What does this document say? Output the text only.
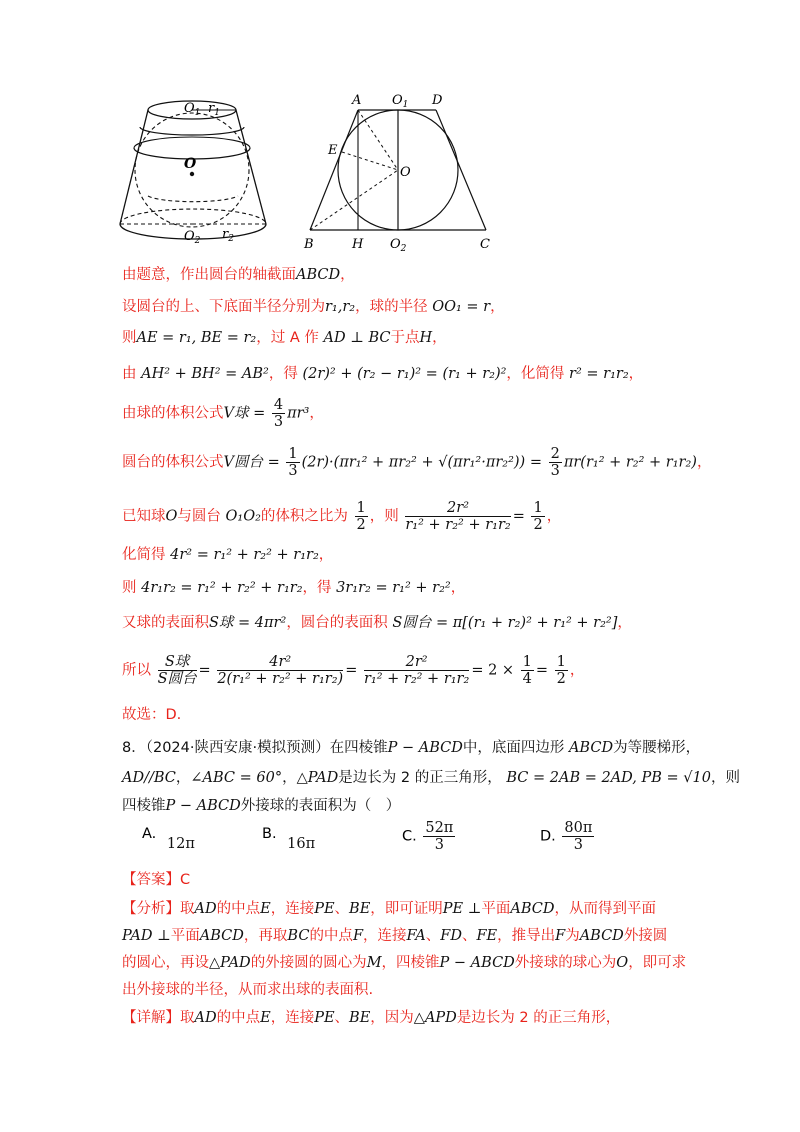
$O_1$ $r_1$
O
$O_2$ $r_2$
A $O_1$ D
E
O
B	H $O_2$	C
由题意，作出圆台的轴截面ABCD，
设圆台的上、下底面半径分别为r₁,r₂，球的半径 OO₁ = r，
则AE = r₁, BE = r₂，过 A 作 AD ⊥ BC于点H，
由 AH² + BH² = AB²，得 (2r)² + (r₂ − r₁)² = (r₁ + r₂)²，化简得 r² = r₁r₂，
由球的体积公式V球 = $\frac{4}{3} \pi r^3$，
圆台的体积公式V圆台 = $\frac{1}{3} (2r)\cdot(\pi r_1^2 + \pi r_2^2 + √(\pi r_1^2\cdot\pi r_2^2)) = \frac{2}{3} \pi r(r_1^2 + r_2^2 + r_1r_2)$，
已知球O与圆台 O₁O₂的体积之比为 $\frac{1}{2}$ ，则 $\frac{\text{2r²}}{\text{r₁² + r₂² + r₁r₂}} = \frac{1}{2}$ ，
化简得 4r² = r₁² + r₂² + r₁r₂，
则 4r₁r₂ = r₁² + r₂² + r₁r₂，得 3r₁r₂ = r₁² + r₂²，
又球的表面积S球 = 4πr²，圆台的表面积 S圆台 = π[(r₁ + r₂)² + r₁² + r₂²]，
所以
S球
S圆台
= $\frac{\text{4r²}}{\text{2(r₁² + r₂² + r₁r₂)}} = \frac{\text{2r²}}{\text{r₁² + r₂² + r₁r₂}} = 2 \times \frac{1}{4} = \frac{1}{2}$ ，
故选：D.
8．（2024·陕西安康·模拟预测）在四棱锥P − ABCD中，底面四边形 ABCD为等腰梯形，
AD//BC，∠ABC = 60°，△PAD是边长为 2 的正三角形， BC = 2AB = 2AD, PB = √10，则
四棱锥P − ABCD外接球的表面积为（　）
A. 12π
B. 16π	C. $\frac{52\pi}{3}$	D. $\frac{80\pi}{3}$
【答案】C
【分析】取AD的中点E，连接PE、BE，即可证明PE ⊥平面ABCD，从而得到平面
PAD ⊥平面ABCD，再取BC的中点F，连接FA、FD、FE，推导出F为ABCD外接圆
的圆心，再设△PAD的外接圆的圆心为M，四棱锥P − ABCD外接球的球心为O，即可求
出外接球的半径，从而求出球的表面积.
【详解】取AD的中点E，连接PE、BE，因为△APD是边长为 2 的正三角形，
